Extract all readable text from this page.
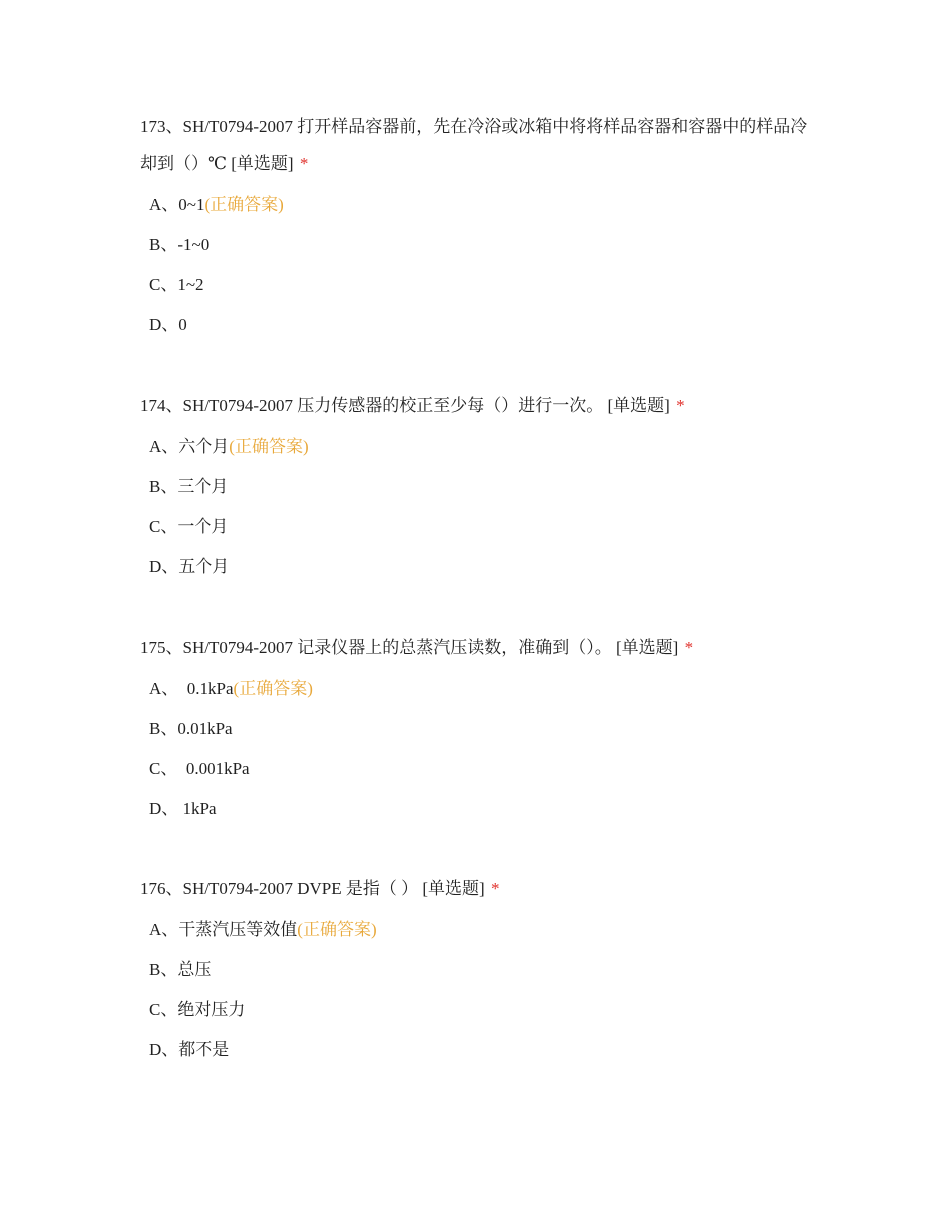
173、SH/T0794-2007 打开样品容器前，先在冷浴或冰箱中将将样品容器和容器中的样品冷却到（）℃ [单选题] *

A、0~1(正确答案)
B、-1~0
C、1~2
D、0

174、SH/T0794-2007 压力传感器的校正至少每（）进行一次。 [单选题] *

A、六个月(正确答案)
B、三个月
C、一个月
D、五个月

175、SH/T0794-2007 记录仪器上的总蒸汽压读数，准确到（）。 [单选题] *

A、  0.1kPa(正确答案)
B、0.01kPa
C、  0.001kPa
D、 1kPa

176、SH/T0794-2007 DVPE 是指（ ） [单选题] *

A、干蒸汽压等效值(正确答案)
B、总压
C、绝对压力
D、都不是
